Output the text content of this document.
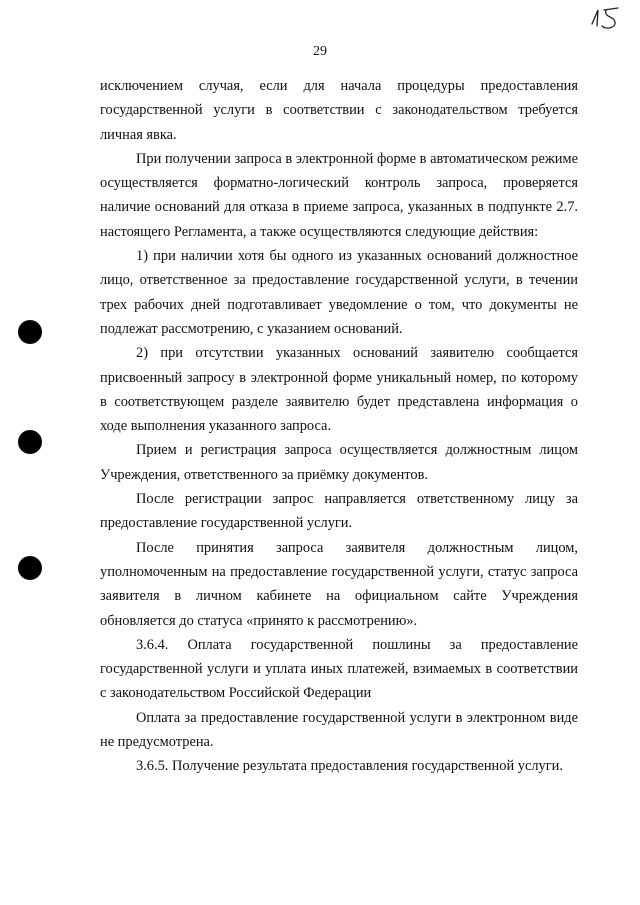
29

исключением случая, если для начала процедуры предоставления государственной услуги в соответствии с законодательством требуется личная явка.

При получении запроса в электронной форме в автоматическом режиме осуществляется форматно-логический контроль запроса, проверяется наличие оснований для отказа в приеме запроса, указанных в подпункте 2.7. настоящего Регламента, а также осуществляются следующие действия:

1) при наличии хотя бы одного из указанных оснований должностное лицо, ответственное за предоставление государственной услуги, в течении трех рабочих дней подготавливает уведомление о том, что документы не подлежат рассмотрению, с указанием оснований.

2) при отсутствии указанных оснований заявителю сообщается присвоенный запросу в электронной форме уникальный номер, по которому в соответствующем разделе заявителю будет представлена информация о ходе выполнения указанного запроса.

Прием и регистрация запроса осуществляется должностным лицом Учреждения, ответственного за приёмку документов.

После регистрации запрос направляется ответственному лицу за предоставление государственной услуги.

После принятия запроса заявителя должностным лицом, уполномоченным на предоставление государственной услуги, статус запроса заявителя в личном кабинете на официальном сайте Учреждения обновляется до статуса «принято к рассмотрению».

3.6.4. Оплата государственной пошлины за предоставление государственной услуги и уплата иных платежей, взимаемых в соответствии с законодательством Российской Федерации

Оплата за предоставление государственной услуги в электронном виде не предусмотрена.

3.6.5. Получение результата предоставления государственной услуги.
